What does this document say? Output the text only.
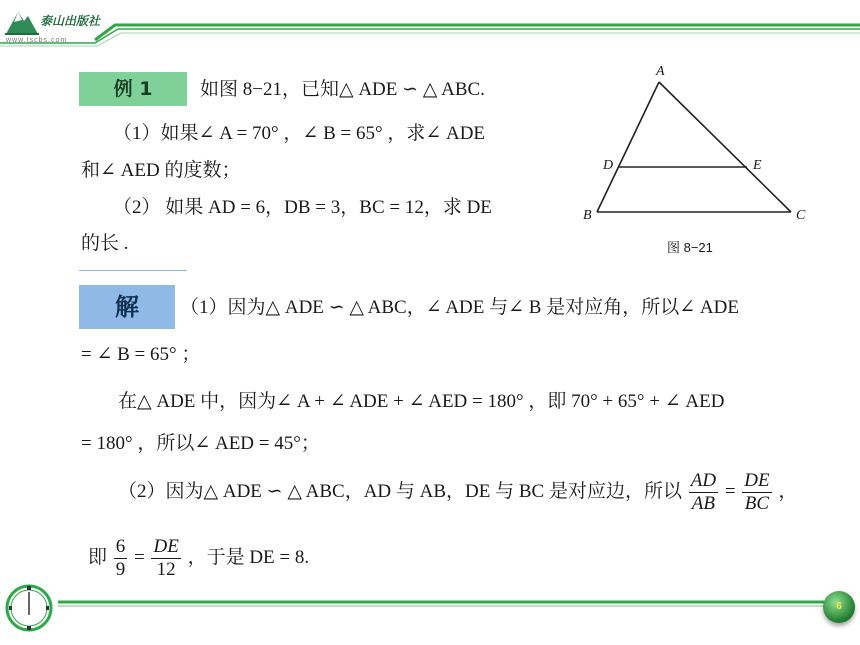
泰山出版社
www.tscbs.com
例 1	如图 8−21，已知△ ADE ∽ △ ABC.
（1）如果∠ A = 70° ，∠ B = 65° ，求∠ ADE
和∠ AED 的度数；
（2） 如果 AD = 6，DB = 3，BC = 12，求 DE
的长 .
A
D	E
B	C
图 8−21
解	（1）因为△ ADE ∽ △ ABC，∠ ADE 与∠ B 是对应角，所以∠ ADE
= ∠ B = 65° ；
在△ ADE 中，因为∠ A + ∠ ADE + ∠ AED = 180° ，即 70° + 65° + ∠ AED
= 180° ，所以∠ AED = 45°；
（2）因为△ ADE ∽ △ ABC，AD 与 AB，DE 与 BC 是对应边，所以 $\frac{AD}{AB} = \frac{DE}{BC}$ ，
即 $\frac{6}{9} = \frac{DE}{12}$ ，于是 DE = 8.
6
